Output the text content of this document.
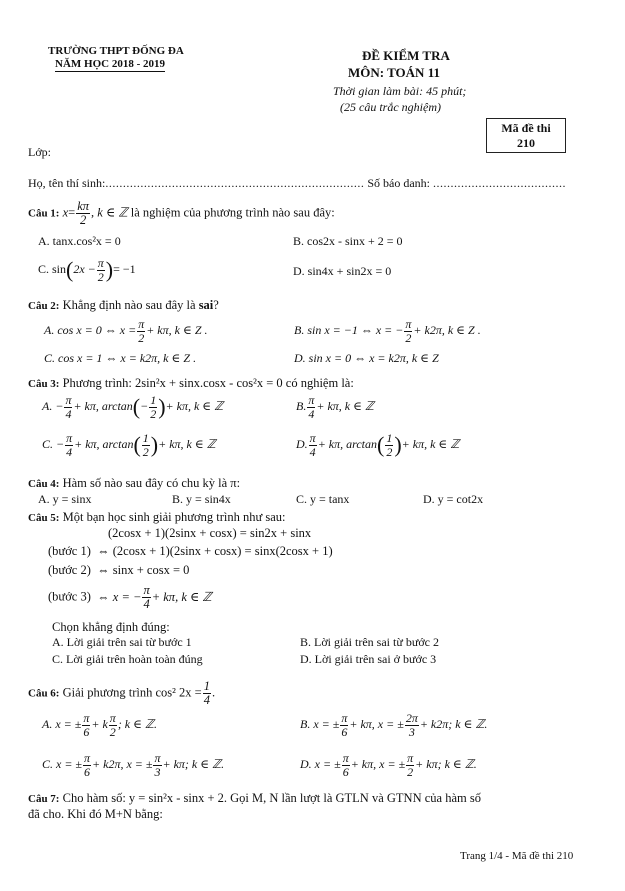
TRƯỜNG THPT ĐỐNG ĐA
NĂM HỌC 2018 - 2019
ĐỀ KIỂM TRA
MÔN: TOÁN 11
Thời gian làm bài: 45 phút;
(25 câu trắc nghiệm)
Mã đề thi
210
Lớp:
Họ, tên thí sinh:.......................................................................... Số báo danh: ......................................
Câu 1: $x= \frac{k\pi}{2}$ , k ∈ ℤ là nghiệm của phương trình nào sau đây:
A. tanx.cos²x = 0	B. cos2x - sinx + 2 = 0
C. $\sin(2x - \frac{\pi}{2}$ )= −1	D. sin4x + sin2x = 0
Câu 2: Khẳng định nào sau đây là sai?
A. cos x = 0 ⇔ $x = \frac{\pi}{2} + k\pi$, k ∈ Z .	B. sin x = −1 ⇔ x = − $\frac{\pi}{2} + k2\pi$, k ∈ Z .
C. cos x = 1 ⇔ x = k2π, k ∈ Z .	D. sin x = 0 ⇔ x = k2π, k ∈ Z
Câu 3: Phương trình: 2sin²x + sinx.cosx - cos²x = 0 có nghiệm là:
A. − $\frac{\pi}{4} + k\pi$, $\arctan(- \frac{1}{2}$ )+ kπ, k ∈ ℤ	B. $\frac{\pi}{4} + k\pi$, k ∈ ℤ
C. − $\frac{\pi}{4} + k\pi$, $\arctan( \frac{1}{2}$ )+ kπ, k ∈ ℤ	D. $\frac{\pi}{4} + k\pi$, $\arctan( \frac{1}{2}$ )+ kπ, k ∈ ℤ
Câu 4: Hàm số nào sau đây có chu kỳ là π:
A. y = sinx	B. y = sin4x	C. y = tanx	D. y = cot2x
Câu 5: Một bạn học sinh giải phương trình như sau:
(2cosx + 1)(2sinx + cosx) = sin2x + sinx
(bước 1) ⇔ (2cosx + 1)(2sinx + cosx) = sinx(2cosx + 1)
(bước 2) ⇔ sinx + cosx = 0
(bước 3) ⇔ x = − $\frac{\pi}{4} + k\pi$, k ∈ ℤ
Chọn khẳng định đúng:
A. Lời giải trên sai từ bước 1	B. Lời giải trên sai từ bước 2
C. Lời giải trên hoàn toàn đúng	D. Lời giải trên sai ở bước 3
Câu 6: Giải phương trình cos² $2x = \frac{1}{4}$ .
A. x = ± $\frac{\pi}{6} + k \frac{\pi}{2}$ ; k ∈ ℤ.	B. x = ± $\frac{\pi}{6} + k\pi$, x = ± $\frac{2\pi}{3} + k2\pi$; k ∈ ℤ.
C. x = ± $\frac{\pi}{6} + k2\pi$, x = ± $\frac{\pi}{3} + k\pi$; k ∈ ℤ.	D. x = ± $\frac{\pi}{6} + k\pi$, x = ± $\frac{\pi}{2} + k\pi$; k ∈ ℤ.
Câu 7: Cho hàm số: y = sin²x - sinx + 2. Gọi M, N lần lượt là GTLN và GTNN của hàm số
đã cho. Khi đó M+N bằng:
Trang 1/4 - Mã đề thi 210
